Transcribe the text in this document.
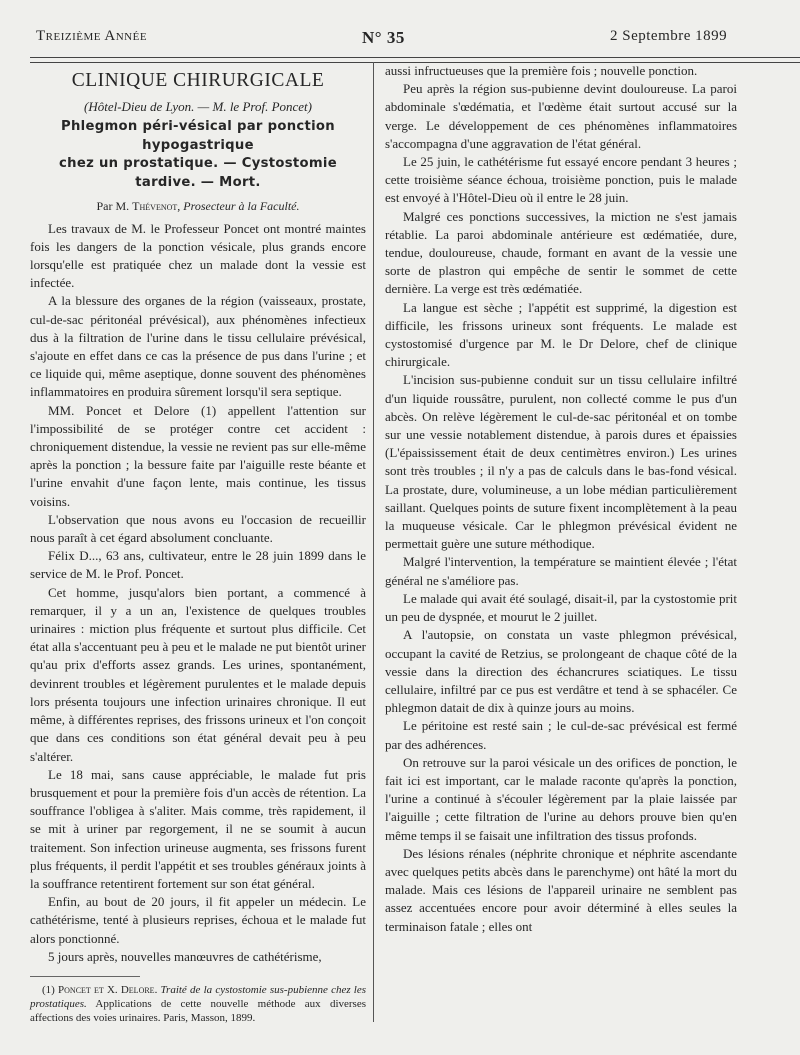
Treizième Année	N° 35	2 Septembre 1899
CLINIQUE CHIRURGICALE
(Hôtel-Dieu de Lyon. — M. le Prof. Poncet)
Phlegmon péri-vésical par ponction hypogastrique
chez un prostatique. — Cystostomie
tardive. — Mort.
Par M. Thévenot, Prosecteur à la Faculté.

Les travaux de M. le Professeur Poncet ont montré maintes fois les dangers de la ponction vésicale, plus grands encore lorsqu'elle est pratiquée chez un malade dont la vessie est infectée.

A la blessure des organes de la région (vaisseaux, prostate, cul-de-sac péritonéal prévésical), aux phénomènes infectieux dus à la filtration de l'urine dans le tissu cellulaire prévésical, s'ajoute en effet dans ce cas la présence de pus dans l'urine ; et ce liquide qui, même aseptique, donne souvent des phénomènes inflammatoires en produira sûrement lorsqu'il sera septique.

MM. Poncet et Delore (1) appellent l'attention sur l'impossibilité de se protéger contre cet accident : chroniquement distendue, la vessie ne revient pas sur elle-même après la ponction ; la bessure faite par l'aiguille reste béante et l'urine envahit d'une façon lente, mais continue, les tissus voisins.

L'observation que nous avons eu l'occasion de recueillir nous paraît à cet égard absolument concluante.

Félix D..., 63 ans, cultivateur, entre le 28 juin 1899 dans le service de M. le Prof. Poncet.

Cet homme, jusqu'alors bien portant, a commencé à remarquer, il y a un an, l'existence de quelques troubles urinaires : miction plus fréquente et surtout plus difficile. Cet état alla s'accentuant peu à peu et le malade ne put bientôt uriner qu'au prix d'efforts assez grands. Les urines, spontanément, devinrent troubles et légèrement purulentes et le malade depuis lors présenta toujours une infection urinaires chronique. Il eut même, à différentes reprises, des frissons urineux et l'on conçoit que dans ces conditions son état général devait peu à peu s'altérer.

Le 18 mai, sans cause appréciable, le malade fut pris brusquement et pour la première fois d'un accès de rétention. La souffrance l'obligea à s'aliter. Mais comme, très rapidement, il se mit à uriner par regorgement, il ne se soumit à aucun traitement. Son infection urineuse augmenta, ses frissons furent plus fréquents, il perdit l'appétit et ses troubles généraux joints à la souffrance retentirent fortement sur son état général.

Enfin, au bout de 20 jours, il fit appeler un médecin. Le cathétérisme, tenté à plusieurs reprises, échoua et le malade fut alors ponctionné.

5 jours après, nouvelles manœuvres de cathétérisme,

(1) Poncet et X. Delore. Traité de la cystostomie sus-pubienne chez les prostatiques. Applications de cette nouvelle méthode aux diverses affections des voies urinaires. Paris, Masson, 1899.

aussi infructueuses que la première fois ; nouvelle ponction.

Peu après la région sus-pubienne devint douloureuse. La paroi abdominale s'œdématia, et l'œdème était surtout accusé sur la verge. Le développement de ces phénomènes inflammatoires s'accompagna d'une aggravation de l'état général.

Le 25 juin, le cathétérisme fut essayé encore pendant 3 heures ; cette troisième séance échoua, troisième ponction, puis le malade est envoyé à l'Hôtel-Dieu où il entre le 28 juin.

Malgré ces ponctions successives, la miction ne s'est jamais rétablie. La paroi abdominale antérieure est œdématiée, dure, tendue, douloureuse, chaude, formant en avant de la vessie une sorte de plastron qui empêche de sentir le sommet de cette dernière. La verge est très œdématiée.

La langue est sèche ; l'appétit est supprimé, la digestion est difficile, les frissons urineux sont fréquents. Le malade est cystostomisé d'urgence par M. le Dr Delore, chef de clinique chirurgicale.

L'incision sus-pubienne conduit sur un tissu cellulaire infiltré d'un liquide roussâtre, purulent, non collecté comme le pus d'un abcès. On relève légèrement le cul-de-sac péritonéal et on tombe sur une vessie notablement distendue, à parois dures et épaissies (L'épaississement était de deux centimètres environ.) Les urines sont très troubles ; il n'y a pas de calculs dans le bas-fond vésical. La prostate, dure, volumineuse, a un lobe médian particulièrement saillant. Quelques points de suture fixent incomplètement à la peau la muqueuse vésicale. Car le phlegmon prévésical évident ne permettait guère une suture méthodique.

Malgré l'intervention, la température se maintient élevée ; l'état général ne s'améliore pas.

Le malade qui avait été soulagé, disait-il, par la cystostomie prit un peu de dyspnée, et mourut le 2 juillet.

A l'autopsie, on constata un vaste phlegmon prévésical, occupant la cavité de Retzius, se prolongeant de chaque côté de la vessie dans la direction des échancrures sciatiques. Le tissu cellulaire, infiltré par ce pus est verdâtre et tend à se sphacéler. Ce phlegmon datait de dix à quinze jours au moins.

Le péritoine est resté sain ; le cul-de-sac prévésical est fermé par des adhérences.

On retrouve sur la paroi vésicale un des orifices de ponction, le fait ici est important, car le malade raconte qu'après la ponction, l'urine a continué à s'écouler légèrement par la plaie laissée par l'aiguille ; cette filtration de l'urine au dehors prouve bien qu'en même temps il se faisait une infiltration des tissus profonds.

Des lésions rénales (néphrite chronique et néphrite ascendante avec quelques petits abcès dans le parenchyme) ont hâté la mort du malade. Mais ces lésions de l'appareil urinaire ne semblent pas assez accentuées encore pour avoir déterminé à elles seules la terminaison fatale ; elles ont
